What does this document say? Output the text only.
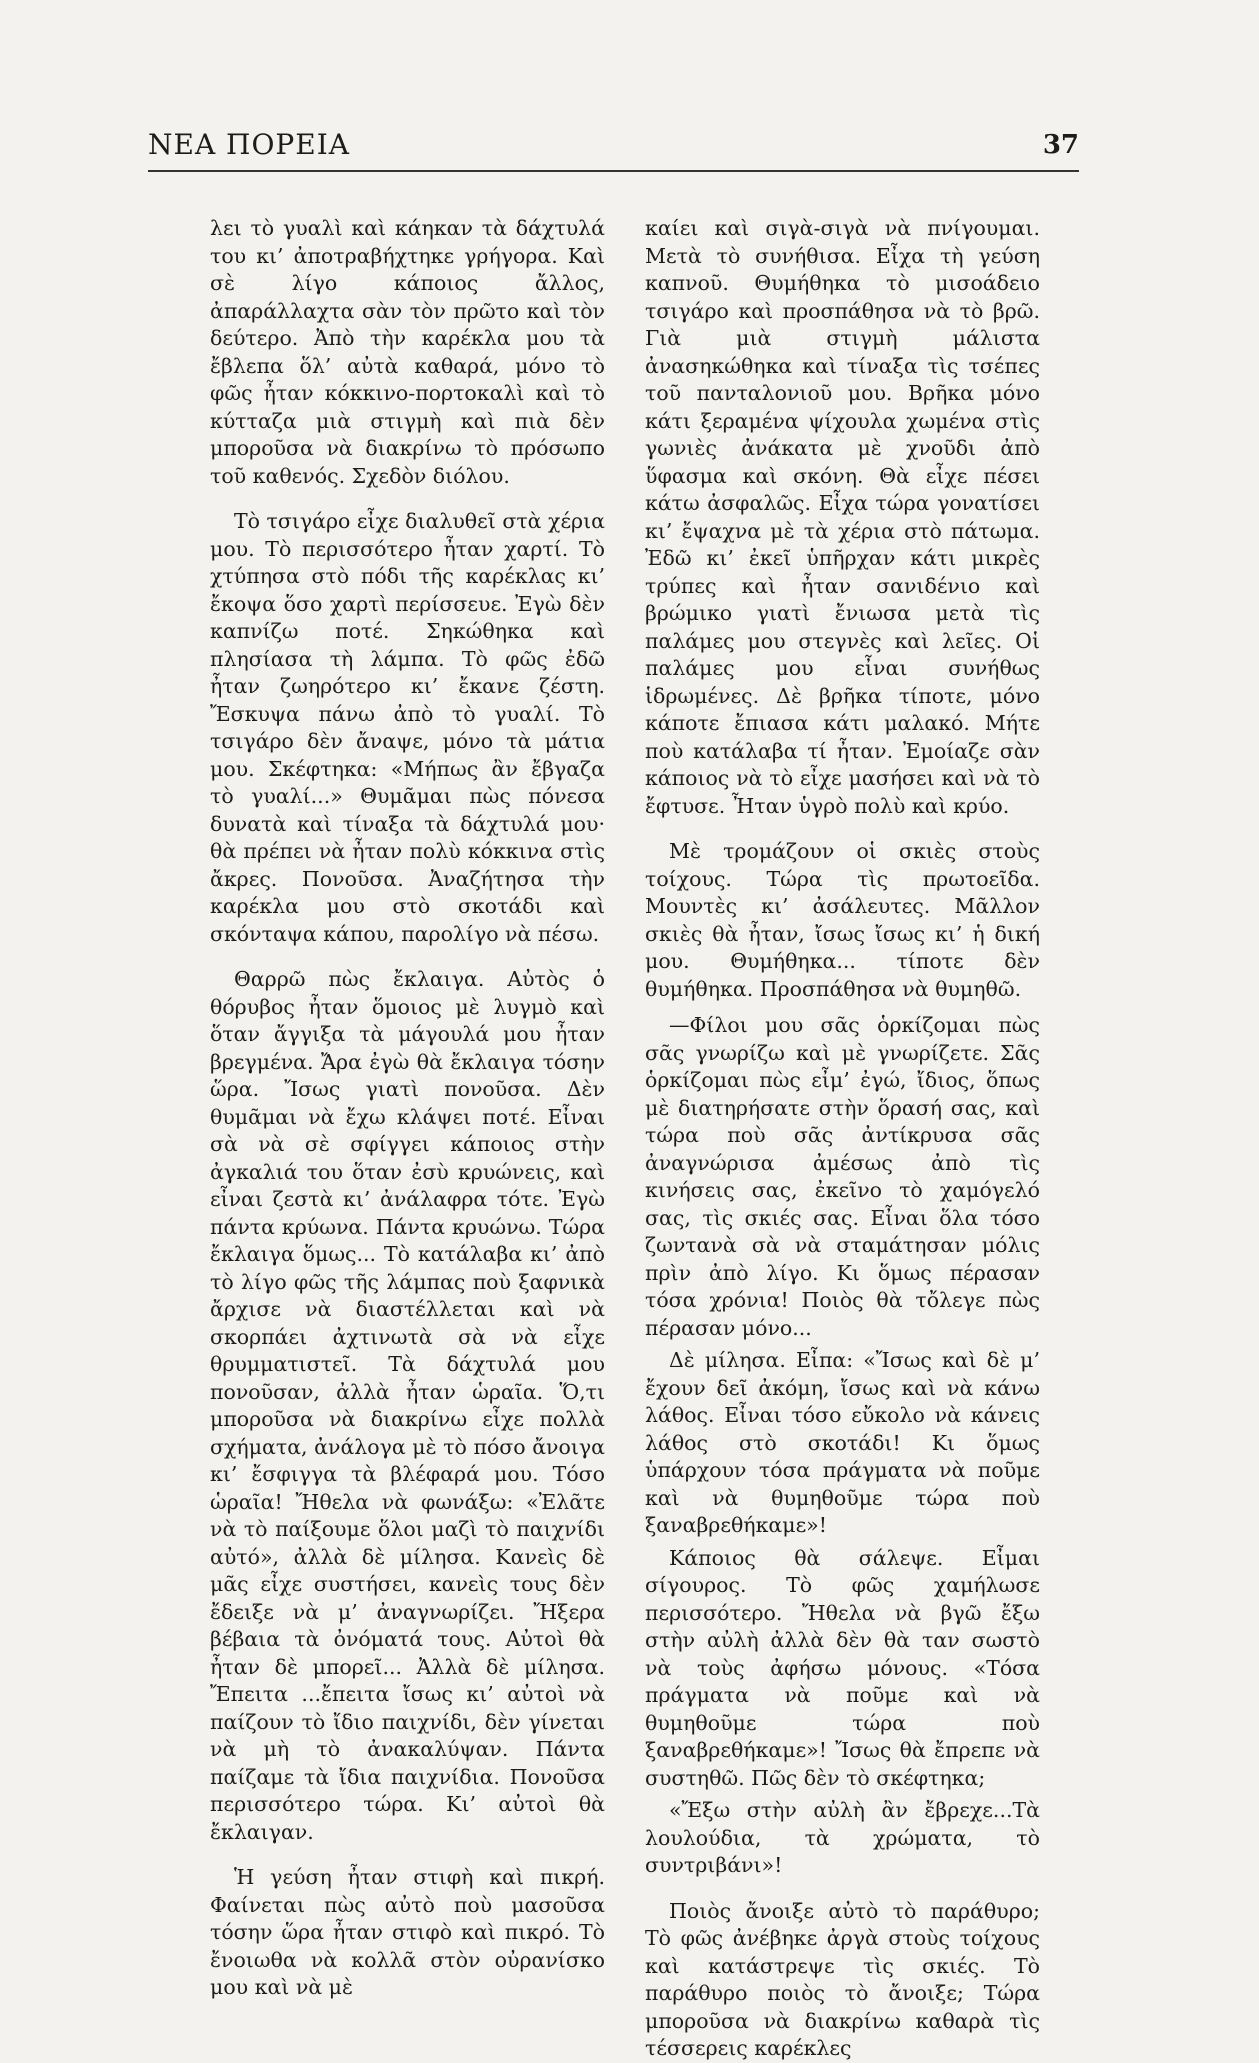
ΝΕΑ ΠΟΡΕΙΑ	37

λει τὸ γυαλὶ καὶ κάηκαν τὰ δάχτυλά του κι’ ἀποτραβήχτηκε γρήγορα. Καὶ σὲ λίγο κάποιος ἄλλος, ἀπαράλλαχτα σὰν τὸν πρῶτο καὶ τὸν δεύτερο. Ἀπὸ τὴν καρέκλα μου τὰ ἔβλεπα ὅλ’ αὐτὰ καθαρά, μόνο τὸ φῶς ἦταν κόκκινο-πορτοκαλὶ καὶ τὸ κύτταζα μιὰ στιγμὴ καὶ πιὰ δὲν μποροῦσα νὰ διακρίνω τὸ πρόσωπο τοῦ καθενός. Σχεδὸν διόλου.

Τὸ τσιγάρο εἶχε διαλυθεῖ στὰ χέρια μου. Τὸ περισσότερο ἦταν χαρτί. Τὸ χτύπησα στὸ πόδι τῆς καρέκλας κι’ ἔκοψα ὅσο χαρτὶ περίσσευε. Ἐγὼ δὲν καπνίζω ποτέ. Σηκώθηκα καὶ πλησίασα τὴ λάμπα. Τὸ φῶς ἐδῶ ἦταν ζωηρότερο κι’ ἔκανε ζέστη. Ἔσκυψα πάνω ἀπὸ τὸ γυαλί. Τὸ τσιγάρο δὲν ἄναψε, μόνο τὰ μάτια μου. Σκέφτηκα: «Μήπως ἂν ἔβγαζα τὸ γυαλί...» Θυμᾶμαι πὼς πόνεσα δυνατὰ καὶ τίναξα τὰ δάχτυλά μου· θὰ πρέπει νὰ ἦταν πολὺ κόκκινα στὶς ἄκρες. Πονοῦσα. Ἀναζήτησα τὴν καρέκλα μου στὸ σκοτάδι καὶ σκόνταψα κάπου, παρολίγο νὰ πέσω.

Θαρρῶ πὼς ἔκλαιγα. Αὐτὸς ὁ θόρυβος ἦταν ὅμοιος μὲ λυγμὸ καὶ ὅταν ἄγγιξα τὰ μάγουλά μου ἦταν βρεγμένα. Ἄρα ἐγὼ θὰ ἔκλαιγα τόσην ὥρα. Ἴσως γιατὶ πονοῦσα. Δὲν θυμᾶμαι νὰ ἔχω κλάψει ποτέ. Εἶναι σὰ νὰ σὲ σφίγγει κάποιος στὴν ἀγκαλιά του ὅταν ἐσὺ κρυώνεις, καὶ εἶναι ζεστὰ κι’ ἀνάλαφρα τότε. Ἐγὼ πάντα κρύωνα. Πάντα κρυώνω. Τώρα ἔκλαιγα ὅμως... Τὸ κατάλαβα κι’ ἀπὸ τὸ λίγο φῶς τῆς λάμπας ποὺ ξαφνικὰ ἄρχισε νὰ διαστέλλεται καὶ νὰ σκορπάει ἀχτινωτὰ σὰ νὰ εἶχε θρυμματιστεῖ. Τὰ δάχτυλά μου πονοῦσαν, ἀλλὰ ἦταν ὡραῖα. Ὅ,τι μποροῦσα νὰ διακρίνω εἶχε πολλὰ σχήματα, ἀνάλογα μὲ τὸ πόσο ἄνοιγα κι’ ἔσφιγγα τὰ βλέφαρά μου. Τόσο ὡραῖα! Ἤθελα νὰ φωνάξω: «Ἐλᾶτε νὰ τὸ παίξουμε ὅλοι μαζὶ τὸ παιχνίδι αὐτό», ἀλλὰ δὲ μίλησα. Κανεὶς δὲ μᾶς εἶχε συστήσει, κανεὶς τους δὲν ἔδειξε νὰ μ’ ἀναγνωρίζει. Ἤξερα βέβαια τὰ ὀνόματά τους. Αὐτοὶ θὰ ἦταν δὲ μπορεῖ... Ἀλλὰ δὲ μίλησα. Ἔπειτα ...ἔπειτα ἴσως κι’ αὐτοὶ νὰ παίζουν τὸ ἴδιο παιχνίδι, δὲν γίνεται νὰ μὴ τὸ ἀνακαλύψαν. Πάντα παίζαμε τὰ ἴδια παιχνίδια. Πονοῦσα περισσότερο τώρα. Κι’ αὐτοὶ θὰ ἔκλαιγαν.

Ἡ γεύση ἦταν στιφὴ καὶ πικρή. Φαίνεται πὼς αὐτὸ ποὺ μασοῦσα τόσην ὥρα ἦταν στιφὸ καὶ πικρό. Τὸ ἔνοιωθα νὰ κολλᾶ στὸν οὐρανίσκο μου καὶ νὰ μὲ

καίει καὶ σιγὰ-σιγὰ νὰ πνίγουμαι. Μετὰ τὸ συνήθισα. Εἶχα τὴ γεύση καπνοῦ. Θυμήθηκα τὸ μισοάδειο τσιγάρο καὶ προσπάθησα νὰ τὸ βρῶ. Γιὰ μιὰ στιγμὴ μάλιστα ἀνασηκώθηκα καὶ τίναξα τὶς τσέπες τοῦ πανταλονιοῦ μου. Βρῆκα μόνο κάτι ξεραμένα ψίχουλα χωμένα στὶς γωνιὲς ἀνάκατα μὲ χνοῦδι ἀπὸ ὕφασμα καὶ σκόνη. Θὰ εἶχε πέσει κάτω ἀσφαλῶς. Εἶχα τώρα γονατίσει κι’ ἔψαχνα μὲ τὰ χέρια στὸ πάτωμα. Ἐδῶ κι’ ἐκεῖ ὑπῆρχαν κάτι μικρὲς τρύπες καὶ ἦταν σανιδένιο καὶ βρώμικο γιατὶ ἔνιωσα μετὰ τὶς παλάμες μου στεγνὲς καὶ λεῖες. Οἱ παλάμες μου εἶναι συνήθως ἱδρωμένες. Δὲ βρῆκα τίποτε, μόνο κάποτε ἔπιασα κάτι μαλακό. Μήτε ποὺ κατάλαβα τί ἦταν. Ἐμοίαζε σὰν κάποιος νὰ τὸ εἶχε μασήσει καὶ νὰ τὸ ἔφτυσε. Ἦταν ὑγρὸ πολὺ καὶ κρύο.

Μὲ τρομάζουν οἱ σκιὲς στοὺς τοίχους. Τώρα τὶς πρωτοεῖδα. Μουντὲς κι’ ἀσάλευτες. Μᾶλλον σκιὲς θὰ ἦταν, ἴσως ἴσως κι’ ἡ δική μου. Θυμήθηκα... τίποτε δὲν θυμήθηκα. Προσπάθησα νὰ θυμηθῶ.

—Φίλοι μου σᾶς ὁρκίζομαι πὼς σᾶς γνωρίζω καὶ μὲ γνωρίζετε. Σᾶς ὁρκίζομαι πὼς εἶμ’ ἐγώ, ἴδιος, ὅπως μὲ διατηρήσατε στὴν ὅρασή σας, καὶ τώρα ποὺ σᾶς ἀντίκρυσα σᾶς ἀναγνώρισα ἀμέσως ἀπὸ τὶς κινήσεις σας, ἐκεῖνο τὸ χαμόγελό σας, τὶς σκιές σας. Εἶναι ὅλα τόσο ζωντανὰ σὰ νὰ σταμάτησαν μόλις πρὶν ἀπὸ λίγο. Κι ὅμως πέρασαν τόσα χρόνια! Ποιὸς θὰ τὄλεγε πὼς πέρασαν μόνο...

Δὲ μίλησα. Εἶπα: «Ἴσως καὶ δὲ μ’ ἔχουν δεῖ ἀκόμη, ἴσως καὶ νὰ κάνω λάθος. Εἶναι τόσο εὔκολο νὰ κάνεις λάθος στὸ σκοτάδι! Κι ὅμως ὑπάρχουν τόσα πράγματα νὰ ποῦμε καὶ νὰ θυμηθοῦμε τώρα ποὺ ξαναβρεθήκαμε»!

Κάποιος θὰ σάλεψε. Εἶμαι σίγουρος. Τὸ φῶς χαμήλωσε περισσότερο. Ἤθελα νὰ βγῶ ἔξω στὴν αὐλὴ ἀλλὰ δὲν θὰ ταν σωστὸ νὰ τοὺς ἀφήσω μόνους. «Τόσα πράγματα νὰ ποῦμε καὶ νὰ θυμηθοῦμε τώρα ποὺ ξαναβρεθήκαμε»! Ἴσως θὰ ἔπρεπε νὰ συστηθῶ. Πῶς δὲν τὸ σκέφτηκα;

«Ἔξω στὴν αὐλὴ ἂν ἔβρεχε...Τὰ λουλούδια, τὰ χρώματα, τὸ συντριβάνι»!

Ποιὸς ἄνοιξε αὐτὸ τὸ παράθυρο; Τὸ φῶς ἀνέβηκε ἀργὰ στοὺς τοίχους καὶ κατάστρεψε τὶς σκιές. Τὸ παράθυρο ποιὸς τὸ ἄνοιξε; Τώρα μποροῦσα νὰ διακρίνω καθαρὰ τὶς τέσσερεις καρέκλες
